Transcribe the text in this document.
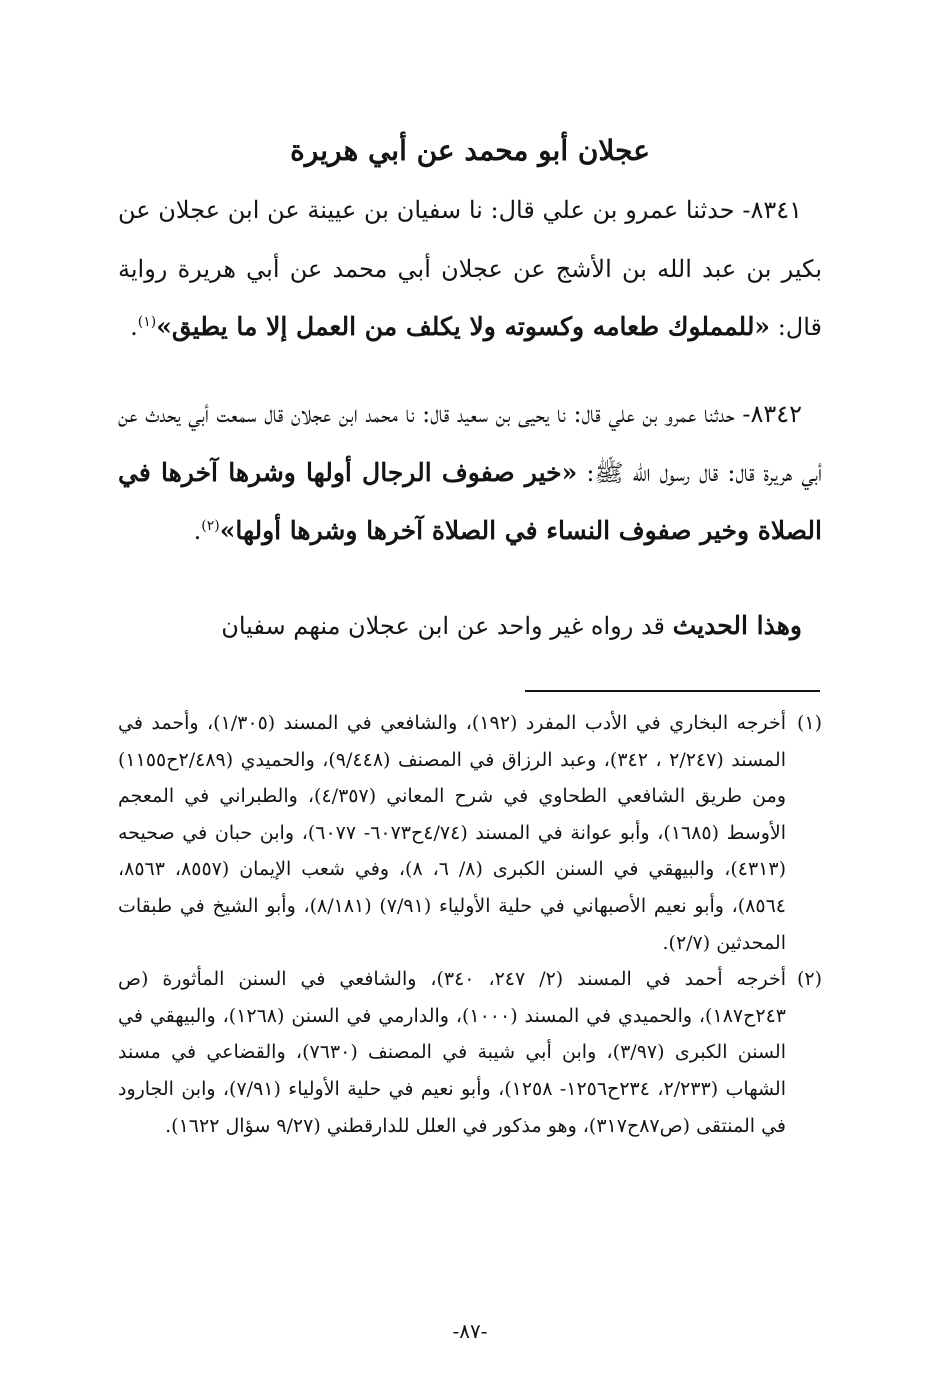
عجلان أبو محمد عن أبي هريرة

٨٣٤١- حدثنا عمرو بن علي قال: نا سفيان بن عيينة عن ابن عجلان عن بكير بن عبد الله بن الأشج عن عجلان أبي محمد عن أبي هريرة رواية قال: «للمملوك طعامه وكسوته ولا يكلف من العمل إلا ما يطيق»$^{(١)}$.

٨٣٤٢- حدثنا عمرو بن علي قال: نا يحيى بن سعيد قال: نا محمد ابن عجلان قال سمعت أبي يحدث عن أبي هريرة قال: قال رسول الله ﷺ: «خير صفوف الرجال أولها وشرها آخرها في الصلاة وخير صفوف النساء في الصلاة آخرها وشرها أولها»$^{(٢)}$.

وهذا الحديث قد رواه غير واحد عن ابن عجلان منهم سفيان

(١)
أخرجه البخاري في الأدب المفرد (١٩٢)، والشافعي في المسند (١/٣٠٥)، وأحمد في المسند (٢/٢٤٧ ، ٣٤٢)، وعبد الرزاق في المصنف (٩/٤٤٨)، والحميدي (٢/٤٨٩ح١١٥٥) ومن طريق الشافعي الطحاوي في شرح المعاني (٤/٣٥٧)، والطبراني في المعجم الأوسط (١٦٨٥)، وأبو عوانة في المسند (٤/٧٤ح٦٠٧٣- ٦٠٧٧)، وابن حبان في صحيحه (٤٣١٣)، والبيهقي في السنن الكبرى (٨/ ٦، ٨)، وفي شعب الإيمان (٨٥٥٧، ٨٥٦٣، ٨٥٦٤)، وأبو نعيم الأصبهاني في حلية الأولياء (٧/٩١) (٨/١٨١)، وأبو الشيخ في طبقات المحدثين (٢/٧).

(٢)
أخرجه أحمد في المسند (٢/ ٢٤٧، ٣٤٠)، والشافعي في السنن المأثورة (ص ٢٤٣ح١٨٧)، والحميدي في المسند (١٠٠٠)، والدارمي في السنن (١٢٦٨)، والبيهقي في السنن الكبرى (٣/٩٧)، وابن أبي شيبة في المصنف (٧٦٣٠)، والقضاعي في مسند الشهاب (٢/٢٣٣، ٢٣٤ح١٢٥٦- ١٢٥٨)، وأبو نعيم في حلية الأولياء (٧/٩١)، وابن الجارود في المنتقى (ص٨٧ح٣١٧)، وهو مذكور في العلل للدارقطني (٩/٢٧ سؤال ١٦٢٢).

-٨٧-
